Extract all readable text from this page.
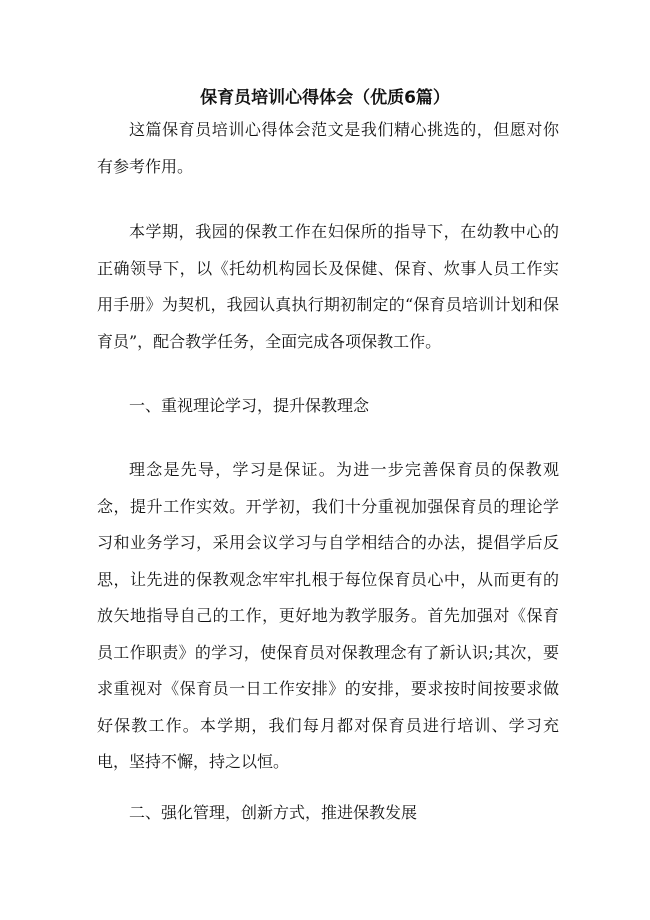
保育员培训心得体会（优质6篇）

这篇保育员培训心得体会范文是我们精心挑选的，但愿对你有参考作用。

本学期，我园的保教工作在妇保所的指导下，在幼教中心的正确领导下，以《托幼机构园长及保健、保育、炊事人员工作实用手册》为契机，我园认真执行期初制定的“保育员培训计划和保育员”，配合教学任务，全面完成各项保教工作。

一、重视理论学习，提升保教理念

理念是先导，学习是保证。为进一步完善保育员的保教观念，提升工作实效。开学初，我们十分重视加强保育员的理论学习和业务学习，采用会议学习与自学相结合的办法，提倡学后反思，让先进的保教观念牢牢扎根于每位保育员心中，从而更有的放矢地指导自己的工作，更好地为教学服务。首先加强对《保育员工作职责》的学习，使保育员对保教理念有了新认识;其次，要求重视对《保育员一日工作安排》的安排，要求按时间按要求做好保教工作。本学期，我们每月都对保育员进行培训、学习充电，坚持不懈，持之以恒。

二、强化管理，创新方式，推进保教发展
